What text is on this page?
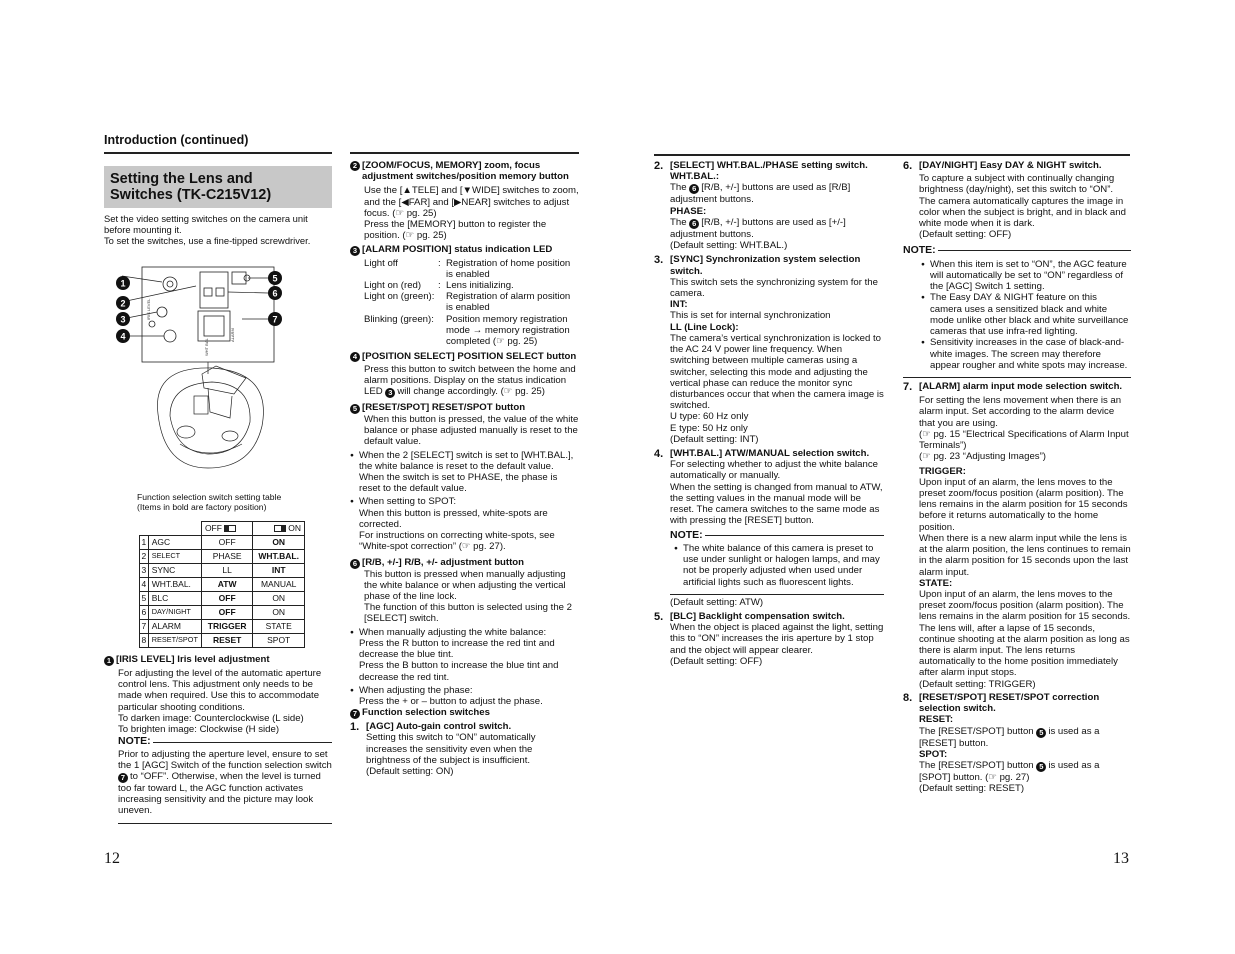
Introduction (continued)
Setting the Lens and
Switches (TK-C215V12)
Set the video setting switches on the camera unit before mounting it.
To set the switches, use a fine-tipped screwdriver.
IRIS LEVEL
WHT BAL
ALARM
1
2
3
4
5
6
7
Function selection switch setting table
(Items in bold are factory position)
		OFF	ON
1	AGC	OFF	ON
2	SELECT	PHASE	WHT.BAL.
3	SYNC	LL	INT
4	WHT.BAL.	ATW	MANUAL
5	BLC	OFF	ON
6	DAY/NIGHT	OFF	ON
7	ALARM	TRIGGER	STATE
8	RESET/SPOT	RESET	SPOT
1 [IRIS LEVEL] Iris level adjustment
For adjusting the level of the automatic aperture control lens. This adjustment only needs to be made when required. Use this to accommodate particular shooting conditions.
To darken image: Counterclockwise (L side)
To brighten image: Clockwise (H side)
NOTE:
Prior to adjusting the aperture level, ensure to set the 1 [AGC] Switch of the function selection switch 7 to “OFF”. Otherwise, when the level is turned too far toward L, the AGC function activates increasing sensitivity and the picture may look uneven.
2 [ZOOM/FOCUS, MEMORY] zoom, focus adjustment switches/position memory button
Use the [▲TELE] and [▼WIDE] switches to zoom, and the [◀FAR] and [▶NEAR] switches to adjust focus. (☞ pg. 25)
Press the [MEMORY] button to register the position. (☞ pg. 25)
3 [ALARM POSITION] status indication LED
Light off	: Registration of home position is enabled
Light on (red)	: Lens initializing.
Light on (green):	Registration of alarm position is enabled
Blinking (green):	Position memory registration mode → memory registration completed (☞ pg. 25)
4 [POSITION SELECT] POSITION SELECT button
Press this button to switch between the home and alarm positions. Display on the status indication LED 3 will change accordingly. (☞ pg. 25)
5 [RESET/SPOT] RESET/SPOT button
When this button is pressed, the value of the white balance or phase adjusted manually is reset to the default value.
● When the 2 [SELECT] switch is set to [WHT.BAL.], the white balance is reset to the default value.
When the switch is set to PHASE, the phase is reset to the default value.
● When setting to SPOT:
When this button is pressed, white-spots are corrected.
For instructions on correcting white-spots, see “White-spot correction” (☞ pg. 27).
6 [R/B, +/-] R/B, +/- adjustment button
This button is pressed when manually adjusting the white balance or when adjusting the vertical phase of the line lock.
The function of this button is selected using the 2 [SELECT] switch.
● When manually adjusting the white balance:
Press the R button to increase the red tint and decrease the blue tint.
Press the B button to increase the blue tint and decrease the red tint.
● When adjusting the phase:
Press the + or – button to adjust the phase.
7 Function selection switches
1. [AGC] Auto-gain control switch.
Setting this switch to “ON” automatically increases the sensitivity even when the brightness of the subject is insufficient.
(Default setting: ON)
2. [SELECT] WHT.BAL./PHASE setting switch.
WHT.BAL.:
The 6 [R/B, +/-] buttons are used as [R/B] adjustment buttons.
PHASE:
The 6 [R/B, +/-] buttons are used as [+/-] adjustment buttons.
(Default setting: WHT.BAL.)
3. [SYNC] Synchronization system selection switch.
This switch sets the synchronizing system for the camera.
INT:
This is set for internal synchronization
LL (Line Lock):
The camera’s vertical synchronization is locked to the AC 24 V power line frequency. When switching between multiple cameras using a switcher, selecting this mode and adjusting the vertical phase can reduce the monitor sync disturbances occur that when the camera image is switched.
U type: 60 Hz only
E type: 50 Hz only
(Default setting: INT)
4. [WHT.BAL.] ATW/MANUAL selection switch.
For selecting whether to adjust the white balance automatically or manually.
When the setting is changed from manual to ATW, the setting values in the manual mode will be reset. The camera switches to the same mode as with pressing the [RESET] button.
NOTE:
● The white balance of this camera is preset to use under sunlight or halogen lamps, and may not be properly adjusted when used under artificial lights such as fluorescent lights.
(Default setting: ATW)
5. [BLC] Backlight compensation switch.
When the object is placed against the light, setting this to “ON” increases the iris aperture by 1 stop and the object will appear clearer.
(Default setting: OFF)
6. [DAY/NIGHT] Easy DAY & NIGHT switch.
To capture a subject with continually changing brightness (day/night), set this switch to “ON”. The camera automatically captures the image in color when the subject is bright, and in black and white mode when it is dark.
(Default setting: OFF)
NOTE:
● When this item is set to “ON”, the AGC feature will automatically be set to “ON” regardless of the [AGC] Switch 1 setting.
● The Easy DAY & NIGHT feature on this camera uses a sensitized black and white mode unlike other black and white surveillance cameras that use infra-red lighting.
● Sensitivity increases in the case of black-and-white images. The screen may therefore appear rougher and white spots may increase.
7. [ALARM] alarm input mode selection switch.
For setting the lens movement when there is an alarm input. Set according to the alarm device that you are using.
(☞ pg. 15 “Electrical Specifications of Alarm Input Terminals”)
(☞ pg. 23 “Adjusting Images”)
TRIGGER:
Upon input of an alarm, the lens moves to the preset zoom/focus position (alarm position). The lens remains in the alarm position for 15 seconds before it returns automatically to the home position.
When there is a new alarm input while the lens is at the alarm position, the lens continues to remain in the alarm position for 15 seconds upon the last alarm input.
STATE:
Upon input of an alarm, the lens moves to the preset zoom/focus position (alarm position). The lens remains in the alarm position for 15 seconds. The lens will, after a lapse of 15 seconds, continue shooting at the alarm position as long as there is alarm input. The lens returns automatically to the home position immediately after alarm input stops.
(Default setting: TRIGGER)
8. [RESET/SPOT] RESET/SPOT correction selection switch.
RESET:
The [RESET/SPOT] button 5 is used as a [RESET] button.
SPOT:
The [RESET/SPOT] button 5 is used as a [SPOT] button. (☞ pg. 27)
(Default setting: RESET)
12	13
